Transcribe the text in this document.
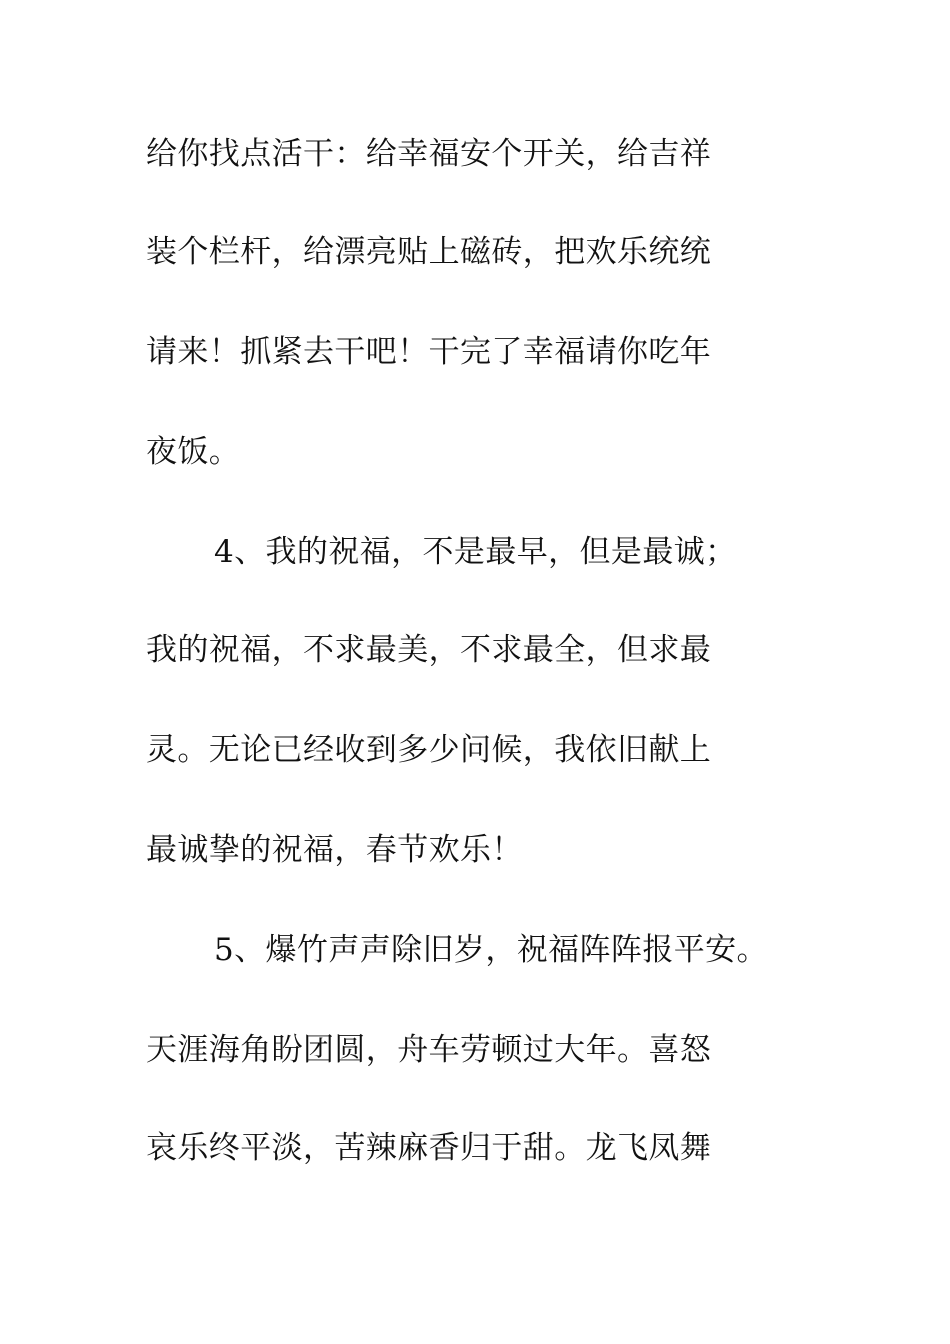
给你找点活干：给幸福安个开关，给吉祥
装个栏杆，给漂亮贴上磁砖，把欢乐统统
请来！抓紧去干吧！干完了幸福请你吃年
夜饭。
4、我的祝福，不是最早，但是最诚；
我的祝福，不求最美，不求最全，但求最
灵。无论已经收到多少问候，我依旧献上
最诚挚的祝福，春节欢乐！
5、爆竹声声除旧岁，祝福阵阵报平安。
天涯海角盼团圆，舟车劳顿过大年。喜怒
哀乐终平淡，苦辣麻香归于甜。龙飞凤舞
